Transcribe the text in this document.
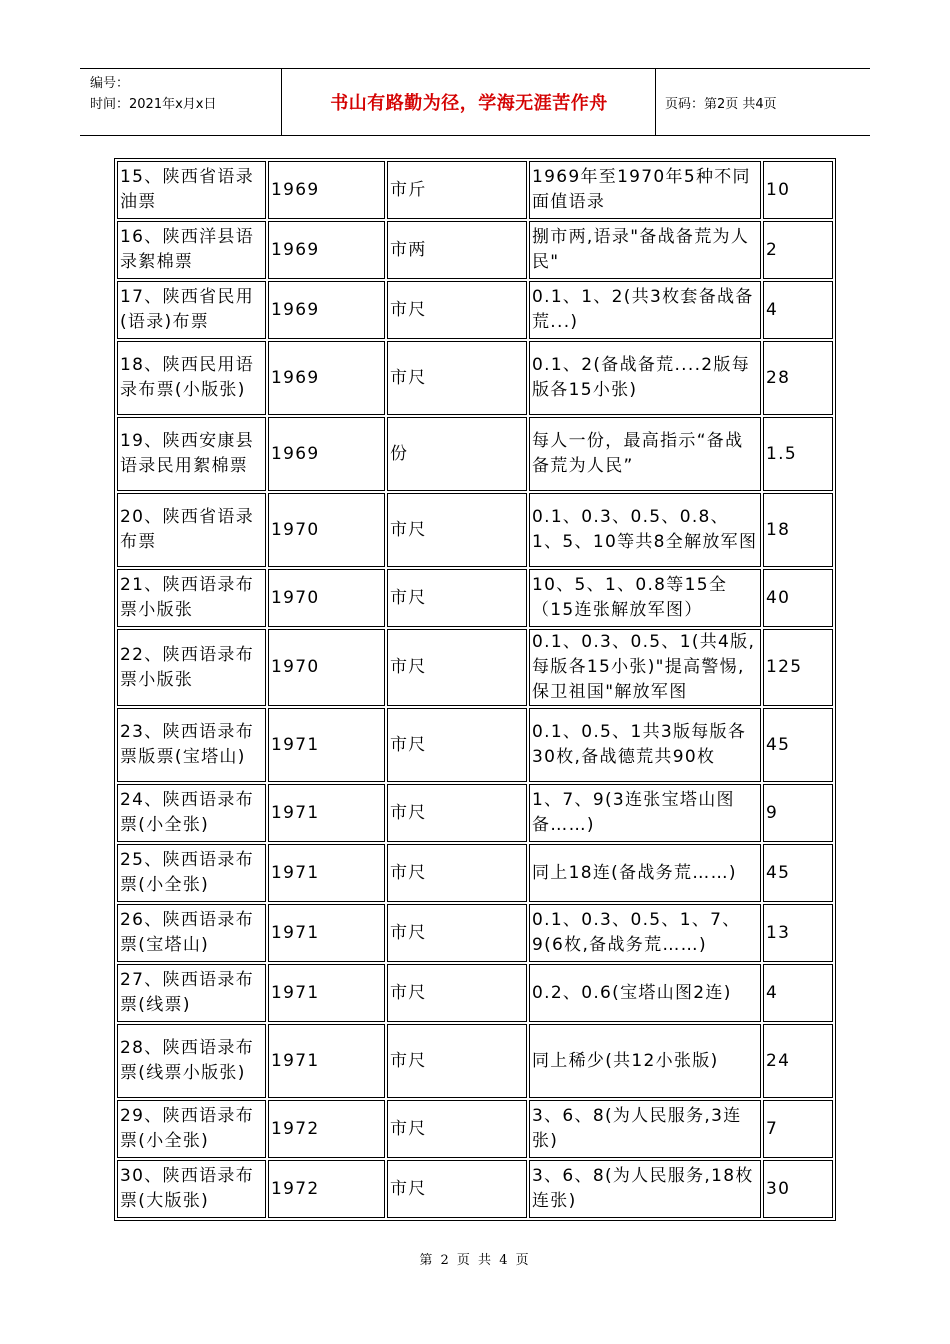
编号：
时间：2021年x月x日	书山有路勤为径，学海无涯苦作舟	页码：第2页 共4页
15、陕西省语录油票	1969	市斤	1969年至1970年5种不同面值语录	10
16、陕西洋县语录絮棉票	1969	市两	捌市两,语录"备战备荒为人民"	2
17、陕西省民用(语录)布票	1969	市尺	0.1、1、2(共3枚套备战备荒...)	4
18、陕西民用语录布票(小版张)	1969	市尺	0.1、2(备战备荒....2版每版各15小张)	28
19、陕西安康县语录民用絮棉票	1969	份	每人一份，最高指示“备战备荒为人民”	1.5
20、陕西省语录布票	1970	市尺	0.1、0.3、0.5、0.8、1、5、10等共8全解放军图	18
21、陕西语录布票小版张	1970	市尺	10、5、1、0.8等15全（15连张解放军图）	40
22、陕西语录布票小版张	1970	市尺	0.1、0.3、0.5、1(共4版,每版各15小张)"提高警惕,保卫祖国"解放军图	125
23、陕西语录布票版票(宝塔山)	1971	市尺	0.1、0.5、1共3版每版各30枚,备战德荒共90枚	45
24、陕西语录布票(小全张)	1971	市尺	1、7、9(3连张宝塔山图备……)	9
25、陕西语录布票(小全张)	1971	市尺	同上18连(备战务荒……)	45
26、陕西语录布票(宝塔山)	1971	市尺	0.1、0.3、0.5、1、7、9(6枚,备战务荒……)	13
27、陕西语录布票(线票)	1971	市尺	0.2、0.6(宝塔山图2连)	4
28、陕西语录布票(线票小版张)	1971	市尺	同上稀少(共12小张版)	24
29、陕西语录布票(小全张)	1972	市尺	3、6、8(为人民服务,3连张)	7
30、陕西语录布票(大版张)	1972	市尺	3、6、8(为人民服务,18枚连张)	30
第 2 页 共 4 页
